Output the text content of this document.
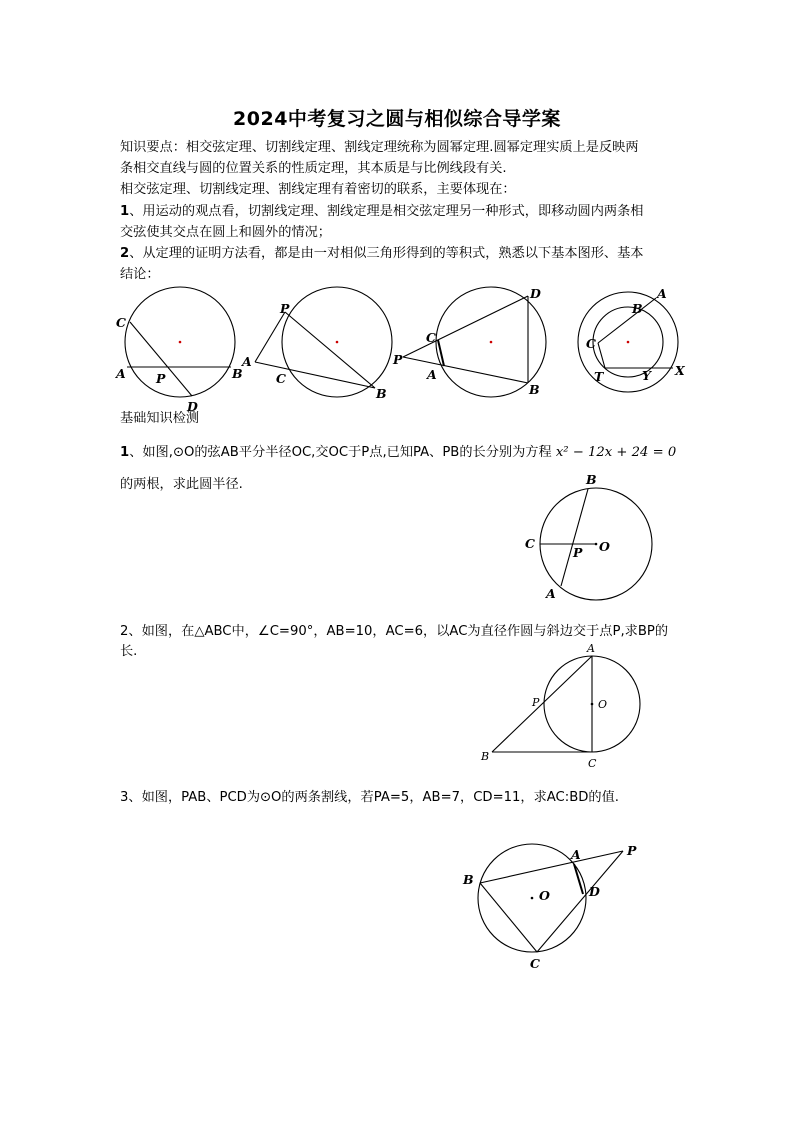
2024中考复习之圆与相似综合导学案
知识要点：相交弦定理、切割线定理、割线定理统称为圆幂定理.圆幂定理实质上是反映两
条相交直线与圆的位置关系的性质定理，其本质是与比例线段有关.
相交弦定理、切割线定理、割线定理有着密切的联系，主要体现在：
1、用运动的观点看，切割线定理、割线定理是相交弦定理另一种形式，即移动圆内两条相
交弦使其交点在圆上和圆外的情况；
2、从定理的证明方法看，都是由一对相似三角形得到的等积式，熟悉以下基本图形、基本
结论：
C
A P	B
D
P
A
C
B
D
C
P
A
B
A
B
C
T	Y X
基础知识检测
1、如图,⊙O的弦AB平分半径OC,交OC于P点,已知PA、PB的长分别为方程 x² − 12x + 24 = 0
的两根，求此圆半径.	B
C
P O
A
2、如图，在△ABC中，∠C=90°，AB=10，AC=6，以AC为直径作圆与斜边交于点P,求BP的
长.	A
P	O
B
C
3、如图，PAB、PCD为⊙O的两条割线，若PA=5，AB=7，CD=11，求AC:BD的值.
A	P
B
O	D
C
